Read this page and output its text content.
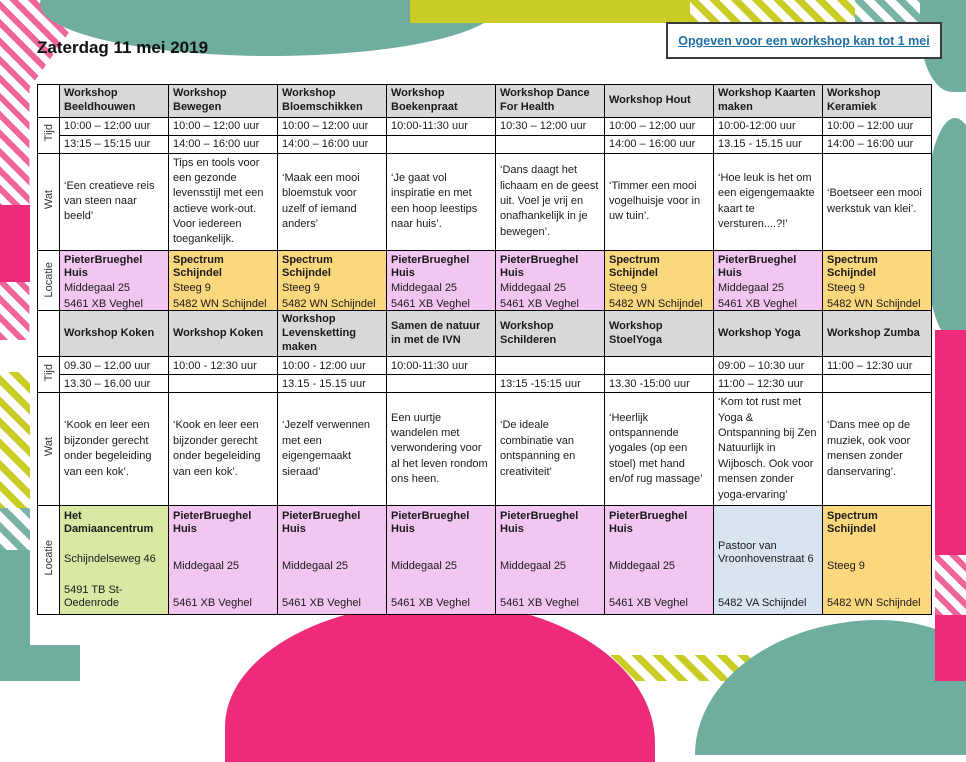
Zaterdag 11 mei 2019	Opgeven voor een workshop kan tot 1 mei
	Workshop Beeldhouwen	Workshop Bewegen	Workshop Bloemschikken	Workshop Boekenpraat	Workshop Dance For Health	Workshop Hout	Workshop Kaarten maken	Workshop Keramiek
Tijd	10:00 – 12:00 uur	10:00 – 12:00 uur	10:00 – 12:00 uur	10:00-11:30 uur	10:30 – 12:00 uur	10:00 – 12:00 uur	10:00-12:00 uur	10:00 – 12:00 uur
	13:15 – 15:15 uur	14:00 – 16:00 uur	14:00 – 16:00 uur			14:00 – 16:00 uur	13.15 - 15.15 uur	14:00 – 16:00 uur
Wat	‘Een creatieve reis van steen naar beeld’	Tips en tools voor een gezonde levensstijl met een actieve work-out. Voor iedereen toegankelijk.	‘Maak een mooi bloemstuk voor uzelf of iemand anders’	‘Je gaat vol inspiratie en met een hoop leestips naar huis’.	‘Dans daagt het lichaam en de geest uit. Voel je vrij en onafhankelijk in je bewegen’.	‘Timmer een mooi vogelhuisje voor in uw tuin’.	‘Hoe leuk is het om een eigengemaakte kaart te versturen....?!’	‘Boetseer een mooi werkstuk van klei’.
Locatie	PieterBrueghel Huis
Middegaal 25
5461 XB Veghel	Spectrum Schijndel
Steeg 9
5482 WN Schijndel	Spectrum Schijndel
Steeg 9
5482 WN Schijndel	PieterBrueghel Huis
Middegaal 25
5461 XB Veghel	PieterBrueghel Huis
Middegaal 25
5461 XB Veghel	Spectrum Schijndel
Steeg 9
5482 WN Schijndel	PieterBrueghel Huis
Middegaal 25
5461 XB Veghel	Spectrum Schijndel
Steeg 9
5482 WN Schijndel
	Workshop Koken	Workshop Koken	Workshop Levensketting maken	Samen de natuur in met de IVN	Workshop Schilderen	Workshop StoelYoga	Workshop Yoga	Workshop Zumba
Tijd	09.30 – 12.00 uur	10:00 - 12:30 uur	10:00 - 12:00 uur	10:00-11:30 uur			09:00 – 10:30 uur	11:00 – 12:30 uur
	13.30 – 16.00 uur		13.15 - 15.15 uur		13:15 -15:15 uur	13.30 -15:00 uur	11:00 – 12:30 uur	
Wat	‘Kook en leer een bijzonder gerecht onder begeleiding van een kok’.	‘Kook en leer een bijzonder gerecht onder begeleiding van een kok’.	‘Jezelf verwennen met een eigengemaakt sieraad’	Een uurtje wandelen met verwondering voor al het leven rondom ons heen.	‘De ideale combinatie van ontspanning en creativiteit’	‘Heerlijk ontspannende yogales (op een stoel) met hand en/of rug massage’	‘Kom tot rust met Yoga & Ontspanning bij Zen Natuurlijk in Wijbosch. Ook voor mensen zonder yoga-ervaring’	‘Dans mee op de muziek, ook voor mensen zonder danservaring’.
Locatie	Het Damiaancentrum
Schijndelseweg 46
5491 TB St-Oedenrode	PieterBrueghel Huis
Middegaal 25
5461 XB Veghel	PieterBrueghel Huis
Middegaal 25
5461 XB Veghel	PieterBrueghel Huis
Middegaal 25
5461 XB Veghel	PieterBrueghel Huis
Middegaal 25
5461 XB Veghel	PieterBrueghel Huis
Middegaal 25
5461 XB Veghel	Pastoor van Vroonhovenstraat 6
5482 VA Schijndel	Spectrum Schijndel
Steeg 9
5482 WN Schijndel
